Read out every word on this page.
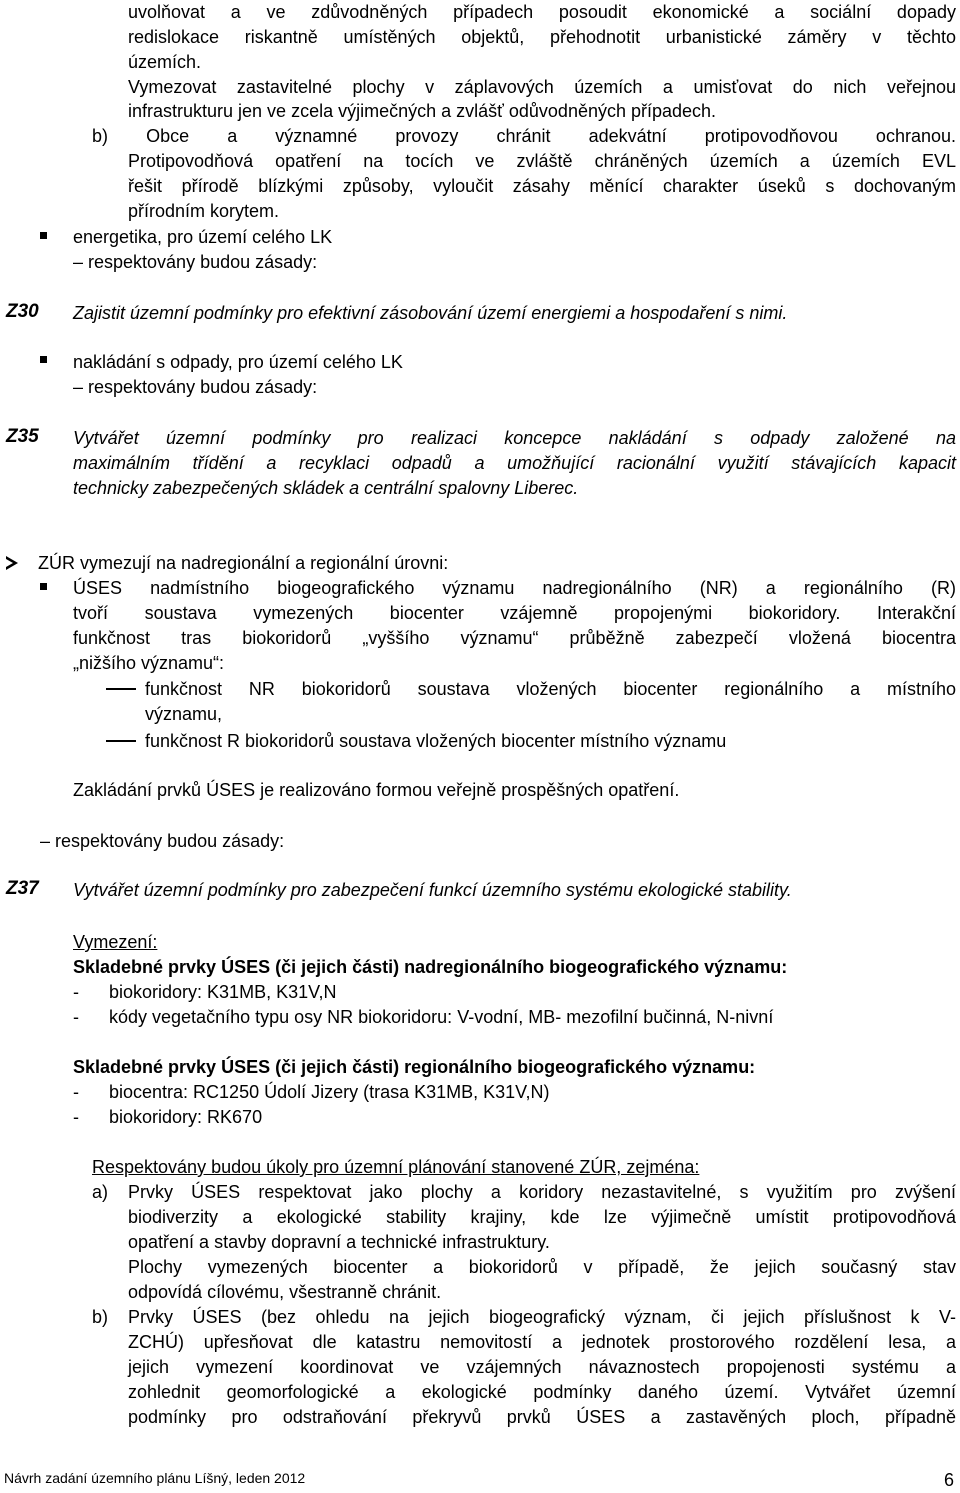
uvolňovat a ve zdůvodněných případech posoudit ekonomické a sociální dopady
redislokace riskantně umístěných objektů, přehodnotit urbanistické záměry v těchto
územích.
Vymezovat zastavitelné plochy v záplavových územích a umisťovat do nich veřejnou
infrastrukturu jen ve zcela výjimečných a zvlášť odůvodněných případech.
b) Obce a významné provozy chránit adekvátní protipovodňovou ochranou.
Protipovodňová opatření na tocích ve zvláště chráněných územích a územích EVL
řešit přírodě blízkými způsoby, vyloučit zásahy měnící charakter úseků s dochovaným
přírodním korytem.
energetika, pro území celého LK
– respektovány budou zásady:
Z30 Zajistit územní podmínky pro efektivní zásobování území energiemi a hospodaření s nimi.
nakládání s odpady, pro území celého LK
– respektovány budou zásady:
Z35 Vytvářet územní podmínky pro realizaci koncepce nakládání s odpady založené na
maximálním třídění a recyklaci odpadů a umožňující racionální využití stávajících kapacit
technicky zabezpečených skládek a centrální spalovny Liberec.
ZÚR vymezují na nadregionální a regionální úrovni:
ÚSES nadmístního biogeografického významu nadregionálního (NR) a regionálního (R)
tvoří soustava vymezených biocenter vzájemně propojenými biokoridory. Interakční
funkčnost tras biokoridorů „vyššího významu“ průběžně zabezpečí vložená biocentra
„nižšího významu“:
funkčnost NR biokoridorů soustava vložených biocenter regionálního a místního
významu,
funkčnost R biokoridorů soustava vložených biocenter místního významu
Zakládání prvků ÚSES je realizováno formou veřejně prospěšných opatření.
– respektovány budou zásady:
Z37 Vytvářet územní podmínky pro zabezpečení funkcí územního systému ekologické stability.
Vymezení:
Skladebné prvky ÚSES (či jejich části) nadregionálního biogeografického významu:
- biokoridory: K31MB, K31V,N
- kódy vegetačního typu osy NR biokoridoru: V-vodní, MB- mezofilní bučinná, N-nivní
Skladebné prvky ÚSES (či jejich části) regionálního biogeografického významu:
- biocentra: RC1250 Údolí Jizery (trasa K31MB, K31V,N)
- biokoridory: RK670
Respektovány budou úkoly pro územní plánování stanovené ZÚR, zejména:
a) Prvky ÚSES respektovat jako plochy a koridory nezastavitelné, s využitím pro zvýšení
biodiverzity a ekologické stability krajiny, kde lze výjimečně umístit protipovodňová
opatření a stavby dopravní a technické infrastruktury.
Plochy vymezených biocenter a biokoridorů v případě, že jejich současný stav
odpovídá cílovému, všestranně chránit.
b) Prvky ÚSES (bez ohledu na jejich biogeografický význam, či jejich příslušnost k V-
ZCHÚ) upřesňovat dle katastru nemovitostí a jednotek prostorového rozdělení lesa, a
jejich vymezení koordinovat ve vzájemných návaznostech propojenosti systému a
zohlednit geomorfologické a ekologické podmínky daného území. Vytvářet územní
podmínky pro odstraňování překryvů prvků ÚSES a zastavěných ploch, případně
Návrh zadání územního plánu Líšný, leden 2012	6
